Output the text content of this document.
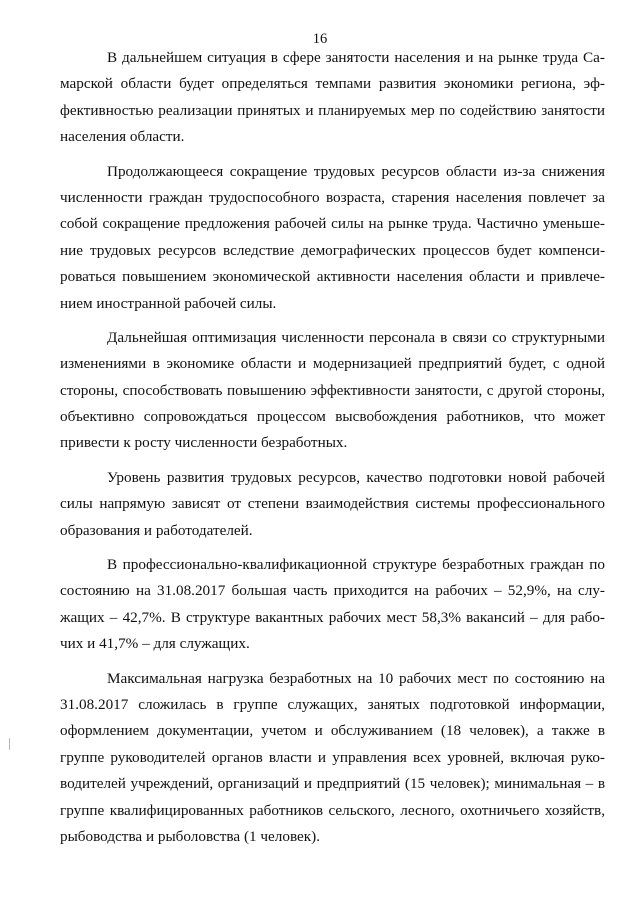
16
В дальнейшем ситуация в сфере занятости населения и на рынке труда Са-
марской области будет определяться темпами развития экономики региона, эф-
фективностью реализации принятых и планируемых мер по содействию занятости
населения области.
Продолжающееся сокращение трудовых ресурсов области из-за снижения
численности граждан трудоспособного возраста, старения населения повлечет за
собой сокращение предложения рабочей силы на рынке труда. Частично уменьше-
ние трудовых ресурсов вследствие демографических процессов будет компенси-
роваться повышением экономической активности населения области и привлече-
нием иностранной рабочей силы.
Дальнейшая оптимизация численности персонала в связи со структурными
изменениями в экономике области и модернизацией предприятий будет, с одной
стороны, способствовать повышению эффективности занятости, с другой стороны,
объективно сопровождаться процессом высвобождения работников, что может
привести к росту численности безработных.
Уровень развития трудовых ресурсов, качество подготовки новой рабочей
силы напрямую зависят от степени взаимодействия системы профессионального
образования и работодателей.
В профессионально-квалификационной структуре безработных граждан по
состоянию на 31.08.2017 большая часть приходится на рабочих – 52,9%, на слу-
жащих – 42,7%. В структуре вакантных рабочих мест 58,3% вакансий – для рабо-
чих и 41,7% – для служащих.
Максимальная нагрузка безработных на 10 рабочих мест по состоянию на
31.08.2017 сложилась в группе служащих, занятых подготовкой информации,
оформлением документации, учетом и обслуживанием (18 человек), а также в
группе руководителей органов власти и управления всех уровней, включая руко-
водителей учреждений, организаций и предприятий (15 человек); минимальная – в
группе квалифицированных работников сельского, лесного, охотничьего хозяйств,
рыбоводства и рыболовства (1 человек).
